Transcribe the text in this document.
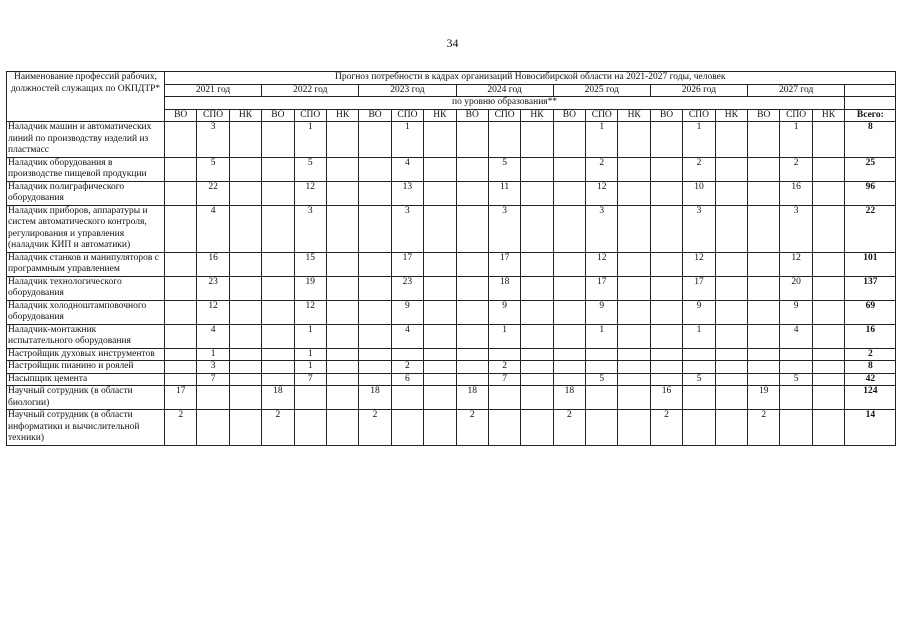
34
Наименование профессий рабочих, должностей служащих по ОКПДТР*	Прогноз потребности в кадрах организаций Новосибирской области на 2021-2027 годы, человек																					
	2021 год			2022 год			2023 год			2024 год			2025 год			2026 год			2027 год			
	по уровню образования**																					
	ВО	СПО	НК	ВО	СПО	НК	ВО	СПО	НК	ВО	СПО	НК	ВО	СПО	НК	ВО	СПО	НК	ВО	СПО	НК	Всего:
Наладчик машин и автоматических линий по производству изделий из пластмасс		3			1			1						1			1			1		8
Наладчик оборудования в производстве пищевой продукции		5			5			4			5			2			2			2		25
Наладчик полиграфического оборудования		22			12			13			11			12			10			16		96
Наладчик приборов, аппаратуры и систем автоматического контроля, регулирования и управления (наладчик КИП и автоматики)		4			3			3			3			3			3			3		22
Наладчик станков и манипуляторов с программным управлением		16			15			17			17			12			12			12		101
Наладчик технологического оборудования		23			19			23			18			17			17			20		137
Наладчик холодноштамповочного оборудования		12			12			9			9			9			9			9		69
Наладчик-монтажник испытательного оборудования		4			1			4			1			1			1			4		16
Настройщик духовых инструментов		1			1																	2
Настройщик пианино и роялей		3			1			2			2											8
Насыпщик цемента		7			7			6			7			5			5			5		42
Научный сотрудник (в области биологии)	17			18			18			18			18			16			19			124
Научный сотрудник (в области информатики и вычислительной техники)	2			2			2			2			2			2			2			14
